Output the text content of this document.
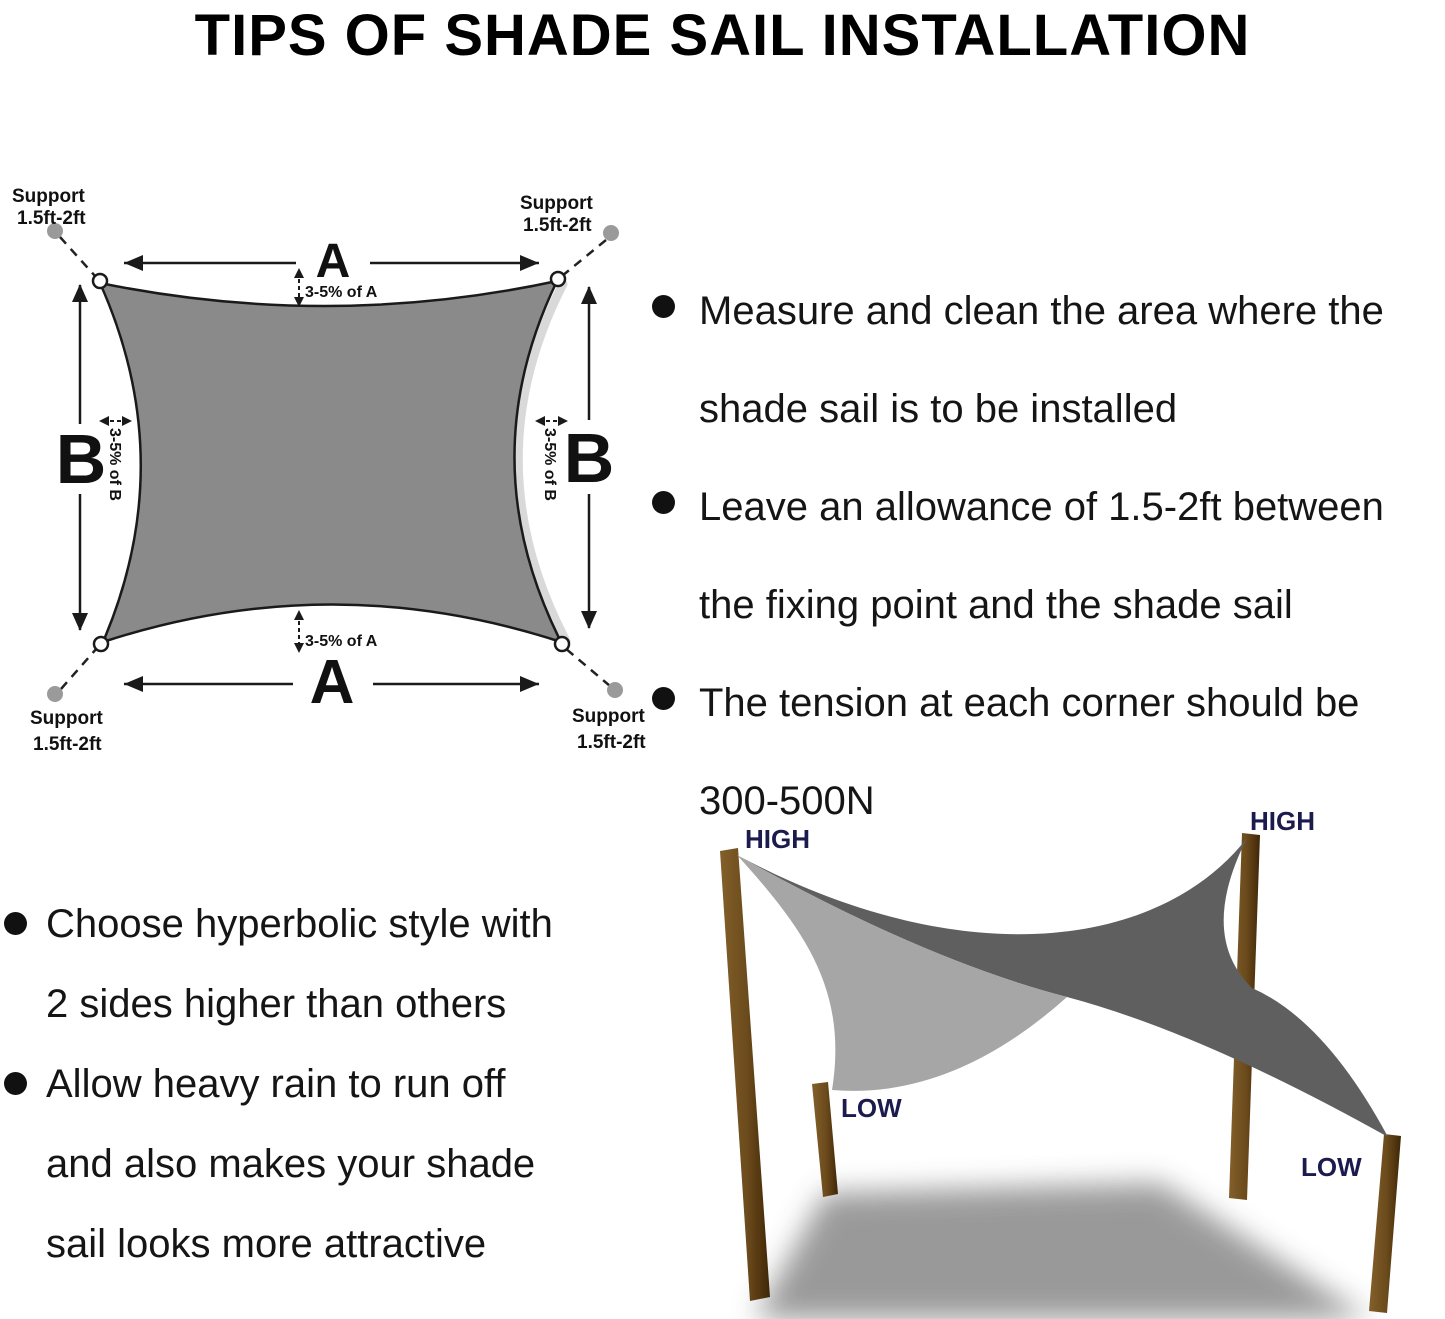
TIPS OF SHADE SAIL INSTALLATION
A
A
B	B
3-5% of A
3-5% of A
3-5% of B	3-5% of B
Support
1.5ft-2ft
Support
1.5ft-2ft
Support
1.5ft-2ft
Support
1.5ft-2ft
Measure and clean the area where the
shade sail is to be installed
Leave an allowance of 1.5-2ft between
the fixing point and the shade sail
The tension at each corner should be
300-500N
Choose hyperbolic style with
2 sides higher than others
Allow heavy rain to run off
and also makes your shade
sail looks more attractive
HIGH
HIGH
LOW
LOW
